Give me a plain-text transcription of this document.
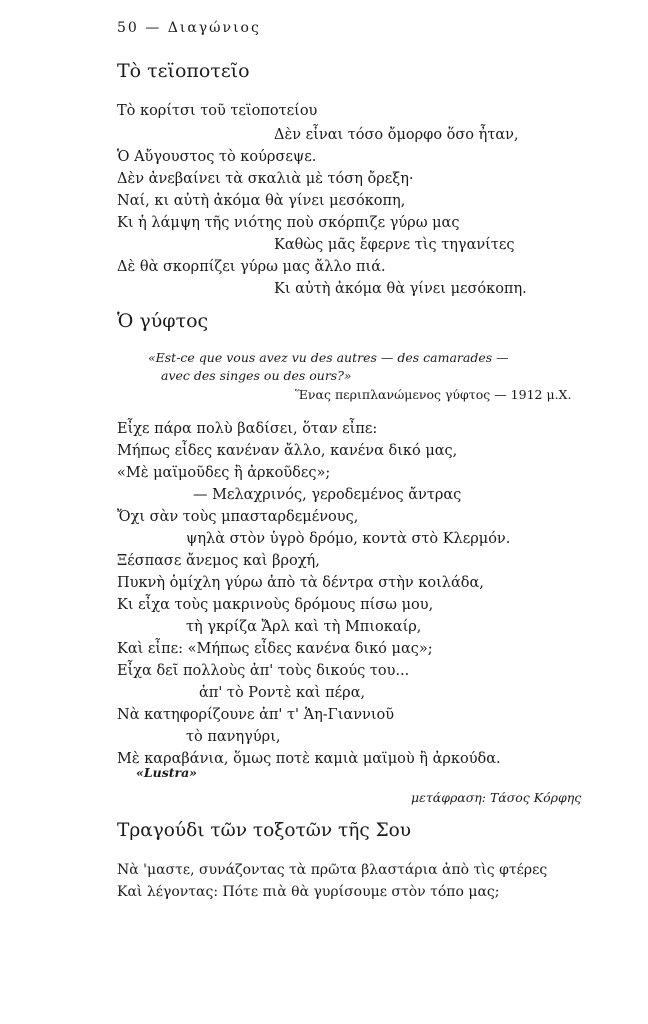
50 — Διαγώνιος
Τὸ τεϊοποτεῖο
Τὸ κορίτσι τοῦ τεϊοποτείου
Δὲν εἶναι τόσο ὄμορφο ὅσο ἦταν,
Ὁ Αὔγουστος τὸ κούρσεψε.
Δὲν ἀνεβαίνει τὰ σκαλιὰ μὲ τόση ὄρεξη·
Ναί, κι αὐτὴ ἀκόμα θὰ γίνει μεσόκοπη,
Κι ἡ λάμψη τῆς νιότης ποὺ σκόρπιζε γύρω μας
Καθὼς μᾶς ἔφερνε τὶς τηγανίτες
Δὲ θὰ σκορπίζει γύρω μας ἄλλο πιά.
Κι αὐτὴ ἀκόμα θὰ γίνει μεσόκοπη.
Ὁ γύφτος
«Est-ce que vous avez vu des autres — des camarades —
avec des singes ou des ours?»
Ἕνας περιπλανώμενος γύφτος — 1912 μ.Χ.
Εἶχε πάρα πολὺ βαδίσει, ὅταν εἶπε:
Μήπως εἶδες κανέναν ἄλλο, κανένα δικό μας,
«Μὲ μαϊμοῦδες ἢ ἀρκοῦδες»;
— Μελαχρινός, γεροδεμένος ἄντρας
Ὄχι σὰν τοὺς μπασταρδεμένους,
ψηλὰ στὸν ὑγρὸ δρόμο, κοντὰ στὸ Κλερμόν.
Ξέσπασε ἄνεμος καὶ βροχή,
Πυκνὴ ὁμίχλη γύρω ἀπὸ τὰ δέντρα στὴν κοιλάδα,
Κι εἶχα τοὺς μακρινοὺς δρόμους πίσω μου,
τὴ γκρίζα Ἄρλ καὶ τὴ Μπιοκαίρ,
Καὶ εἶπε: «Μήπως εἶδες κανένα δικό μας»;
Εἶχα δεῖ πολλοὺς ἀπ' τοὺς δικούς του...
ἀπ' τὸ Ροντὲ καὶ πέρα,
Νὰ κατηφορίζουνε ἀπ' τ' Ἁη-Γιαννιοῦ
τὸ πανηγύρι,
Μὲ καραβάνια, ὅμως ποτὲ καμιὰ μαϊμοὺ ἢ ἀρκούδα.
«Lustra»
μετάφραση: Τάσος Κόρφης
Τραγούδι τῶν τοξοτῶν τῆς Σου
Νὰ 'μαστε, συνάζοντας τὰ πρῶτα βλαστάρια ἀπὸ τὶς φτέρες
Καὶ λέγοντας: Πότε πιὰ θὰ γυρίσουμε στὸν τόπο μας;
